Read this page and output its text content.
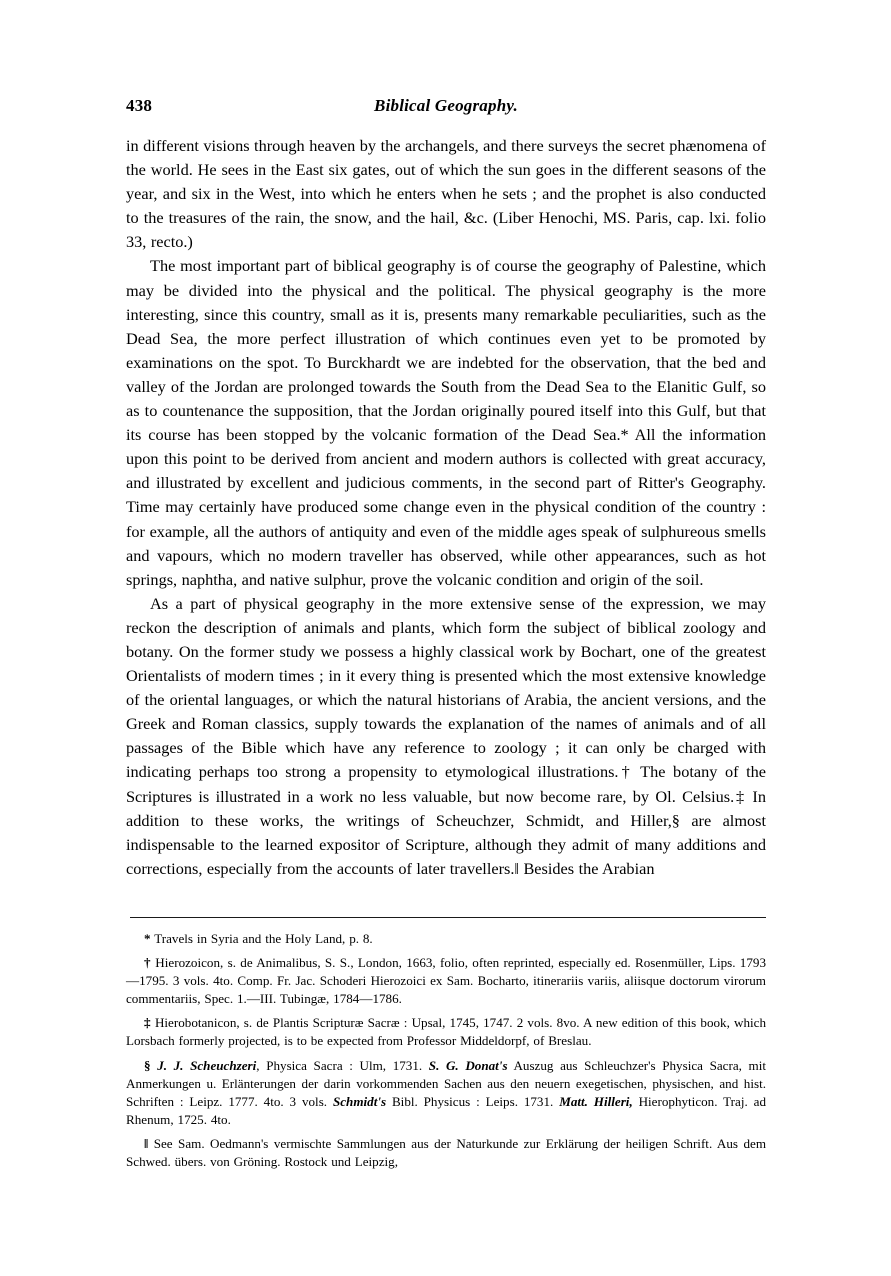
438	Biblical Geography.

in different visions through heaven by the archangels, and there surveys the secret phænomena of the world. He sees in the East six gates, out of which the sun goes in the different seasons of the year, and six in the West, into which he enters when he sets ; and the prophet is also conducted to the treasures of the rain, the snow, and the hail, &c. (Liber Henochi, MS. Paris, cap. lxi. folio 33, recto.)

The most important part of biblical geography is of course the geography of Palestine, which may be divided into the physical and the political. The physical geography is the more interesting, since this country, small as it is, presents many remarkable peculiarities, such as the Dead Sea, the more perfect illustration of which continues even yet to be promoted by examinations on the spot. To Burckhardt we are indebted for the observation, that the bed and valley of the Jordan are prolonged towards the South from the Dead Sea to the Elanitic Gulf, so as to countenance the supposition, that the Jordan originally poured itself into this Gulf, but that its course has been stopped by the volcanic formation of the Dead Sea.* All the information upon this point to be derived from ancient and modern authors is collected with great accuracy, and illustrated by excellent and judicious comments, in the second part of Ritter's Geography. Time may certainly have produced some change even in the physical condition of the country : for example, all the authors of antiquity and even of the middle ages speak of sulphureous smells and vapours, which no modern traveller has observed, while other appearances, such as hot springs, naphtha, and native sulphur, prove the volcanic condition and origin of the soil.

As a part of physical geography in the more extensive sense of the expression, we may reckon the description of animals and plants, which form the subject of biblical zoology and botany. On the former study we possess a highly classical work by Bochart, one of the greatest Orientalists of modern times ; in it every thing is presented which the most extensive knowledge of the oriental languages, or which the natural historians of Arabia, the ancient versions, and the Greek and Roman classics, supply towards the explanation of the names of animals and of all passages of the Bible which have any reference to zoology ; it can only be charged with indicating perhaps too strong a propensity to etymological illustrations.† The botany of the Scriptures is illustrated in a work no less valuable, but now become rare, by Ol. Celsius.‡ In addition to these works, the writings of Scheuchzer, Schmidt, and Hiller,§ are almost indispensable to the learned expositor of Scripture, although they admit of many additions and corrections, especially from the accounts of later travellers.‖ Besides the Arabian

* Travels in Syria and the Holy Land, p. 8.

† Hierozoicon, s. de Animalibus, S. S., London, 1663, folio, often reprinted, especially ed. Rosenmüller, Lips. 1793—1795. 3 vols. 4to. Comp. Fr. Jac. Schoderi Hierozoici ex Sam. Bocharto, itinerariis variis, aliisque doctorum virorum commentariis, Spec. 1.—III. Tubingæ, 1784—1786.

‡ Hierobotanicon, s. de Plantis Scripturæ Sacræ : Upsal, 1745, 1747. 2 vols. 8vo. A new edition of this book, which Lorsbach formerly projected, is to be expected from Professor Middeldorpf, of Breslau.

§ J. J. Scheuchzeri, Physica Sacra : Ulm, 1731. S. G. Donat's Auszug aus Schleuchzer's Physica Sacra, mit Anmerkungen u. Erlänterungen der darin vorkommenden Sachen aus den neuern exegetischen, physischen, and hist. Schriften : Leipz. 1777. 4to. 3 vols. Schmidt's Bibl. Physicus : Leips. 1731. Matt. Hilleri, Hierophyticon. Traj. ad Rhenum, 1725. 4to.

‖ See Sam. Oedmann's vermischte Sammlungen aus der Naturkunde zur Erklärung der heiligen Schrift. Aus dem Schwed. übers. von Gröning. Rostock und Leipzig,
